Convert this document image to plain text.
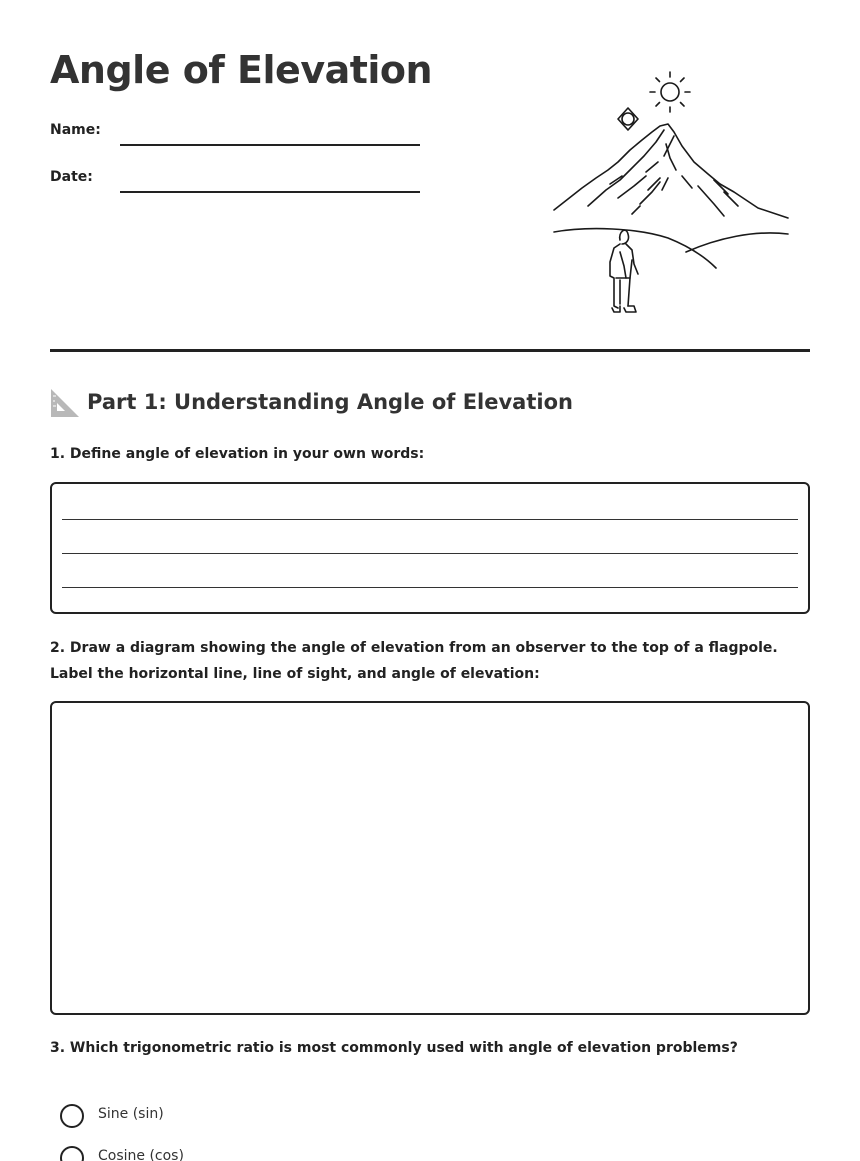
Angle of Elevation
Name:
Date:
Part 1: Understanding Angle of Elevation

1. Define angle of elevation in your own words:

2. Draw a diagram showing the angle of elevation from an observer to the top of a flagpole. Label the horizontal line, line of sight, and angle of elevation:

3. Which trigonometric ratio is most commonly used with angle of elevation problems?

Sine (sin)
Cosine (cos)
